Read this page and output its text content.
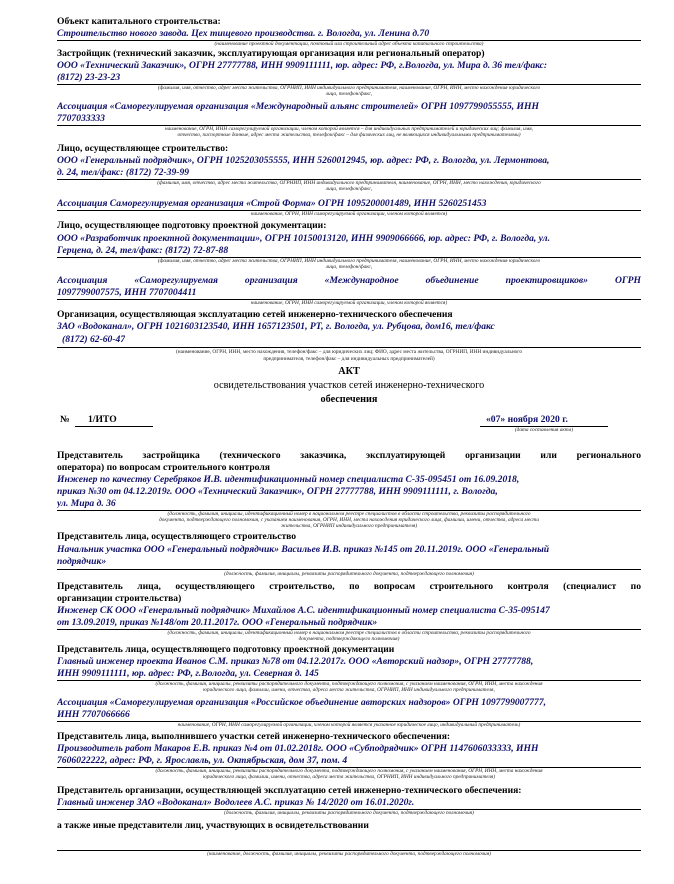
Объект капитального строительства:
Строительство нового завода. Цех тищевого производства. г. Вологда, ул. Ленина д.70
(наименование проектной документации, почтовый или строительный адрес объекта капитального строительства)
Застройщик (технический заказчик, эксплуатирующая организация или региональный оператор)
ООО «Технический Заказчик», ОГРН 27777788, ИНН 9909111111, юр. адрес: РФ, г.Вологда, ул. Мира д. 36 тел/факс:
(8172) 23-23-23
(фамилия, имя, отчество, адрес места жительства, ОГРНИП, ИНН индивидуального предпринимателя, наименование, ОГРН, ИНН, место нахождения юридического
лица, телефон/факс,
Ассоциация «Саморегулируемая организация «Международный альянс строителей» ОГРН 1097799055555, ИНН
7707033333
наименование, ОГРН, ИНН саморегулируемой организации, членом которой является – для индивидуальных предпринимателей и юридических лиц; фамилия, имя,
отчество, паспортные данные, адрес места жительства, телефон/факс – для физических лиц, не являющихся индивидуальными предпринимателями)
Лицо, осуществляющее строительство:
ООО «Генеральный подрядчик», ОГРН 1025203055555, ИНН 5260012945, юр. адрес: РФ, г. Вологда, ул. Лермонтова,
д. 24, тел/факс: (8172) 72-39-99
(фамилия, имя, отчество, адрес места жительства, ОГРНИП, ИНН индивидуального предпринимателя, наименование, ОГРН, ИНН, место нахождения, юридического
лица, телефон/факс,
Ассоциация Саморегулируемая организация «Строй Форма» ОГРН 1095200001489, ИНН 5260251453
наименование, ОГРН, ИНН саморегулируемой организации, членом которой является)
Лицо, осуществляющее подготовку проектной документации:
ООО «Разработчик проектной документации», ОГРН 10150013120, ИНН 9909066666, юр. адрес: РФ, г. Вологда, ул.
Герцена, д. 24, тел/факс: (8172) 72-87-88
(фамилия, имя, отчество, адрес места жительства, ОГРНИП, ИНН индивидуального предпринимателя, наименование, ОГРН, ИНН, место нахождения юридического
лица, телефон/факс,
Ассоциация «Саморегулируемая организация «Международное объединение проектировщиков» ОГРН
1097799007575, ИНН 7707004411
наименование, ОГРН, ИНН саморегулируемой организации, членом которой является)
Организация, осуществляющая эксплуатацию сетей инженерно-технического обеспечения
ЗАО «Водоканал», ОГРН 1021603123540, ИНН 1657123501, РТ, г. Вологда, ул. Рубцова, дом16, тел/факс
(8172) 62-60-47
(наименование, ОГРН, ИНН, место нахождения, телефон/факс – для юридических лиц; ФИО, адрес места жительства, ОГРНИП, ИНН индивидуального
предпринимателя, телефон/факс – для индивидуальных предпринимателей)
АКТ
освидетельствования участков сетей инженерно-технического
обеспечения
№ 1/ИТО	«07» ноября 2020 г.
(дата составления акта)
Представитель застройщика (технического заказчика, эксплуатирующей организации или регионального
оператора) по вопросам строительного контроля
Инженер по качеству Серебряков И.В. идентификационный номер специалиста С-35-095451 от 16.09.2018,
приказ №30 от 04.12.2019г. ООО «Технический Заказчик», ОГРН 27777788, ИНН 9909111111, г. Вологда,
ул. Мира д. 36
(должность, фамилия, инициалы, идентификационный номер в национальном реестре специалистов в области строительства, реквизиты распорядительного
документа, подтверждающего полномочия, с указанием наименования, ОГРН, ИНН, места нахождения юридического лица, фамилии, имени, отчества, адреса места
жительства, ОГРНИП индивидуального предпринимателя)
Представитель лица, осуществляющего строительство
Начальник участка ООО «Генеральный подрядчик» Васильев И.В. приказ №145 от 20.11.2019г. ООО «Генеральный
подрядчик»
(должность, фамилия, инициалы, реквизиты распорядительного документа, подтверждающего полномочия)
Представитель лица, осуществляющего строительство, по вопросам строительного контроля (специалист по
организации строительства)
Инженер СК ООО «Генеральный подрядчик» Михайлов А.С. идентификационный номер специалиста С-35-095147
от 13.09.2019, приказ №148/от 20.11.2017г. ООО «Генеральный подрядчик»
(должность, фамилия, инициалы, идентификационный номер в национальном реестре специалистов в области строительства, реквизиты распорядительного
документа, подтверждающего полномочия)
Представитель лица, осуществляющего подготовку проектной документации
Главный инженер проекта Иванов С.М. приказ №78 от 04.12.2017г. ООО «Авторский надзор», ОГРН 27777788,
ИНН 9909111111, юр. адрес: РФ, г.Вологда, ул. Северная д. 145
(должность, фамилия, инициалы, реквизиты распорядительного документа, подтверждающего полномочия, с указанием наименования, ОГРН, ИНН, места нахождения
юридического лица, фамилии, имени, отчества, адреса места жительства, ОГРНИП, ИНН индивидуального предпринимателя,
Ассоциация «Саморегулируемая организация «Российское объединение авторских надзоров» ОГРН 1097799007777,
ИНН 7707066666
наименование, ОГРН, ИНН саморегулируемой организации, членом которой является указанное юридическое лицо, индивидуальный предприниматель)
Представитель лица, выполнившего участки сетей инженерно-технического обеспечения:
Производитель работ Макаров Е.В. приказ №4 от 01.02.2018г. ООО «Субподрядчик» ОГРН 1147606033333, ИНН
7606022222, адрес: РФ, г. Ярославль, ул. Октябрьская, дом 37, пом. 4
(должность, фамилия, инициалы, реквизиты распорядительного документа, подтверждающего полномочия, с указанием наименования, ОГРН, ИНН, места нахождения
юридического лица, фамилии, имени, отчества, адреса места жительства, ОГРНИП, ИНН индивидуального предпринимателя)
Представитель организации, осуществляющей эксплуатацию сетей инженерно-технического обеспечения:
Главный инженер ЗАО «Водоканал» Водолеев А.С. приказ № 14/2020 от 16.01.2020г.
(должность, фамилия, инициалы, реквизиты распорядительного документа, подтверждающего полномочия)
а также иные представители лиц, участвующих в освидетельствовании
(наименование, должность, фамилия, инициалы, реквизиты распорядительного документа, подтверждающего полномочия)
